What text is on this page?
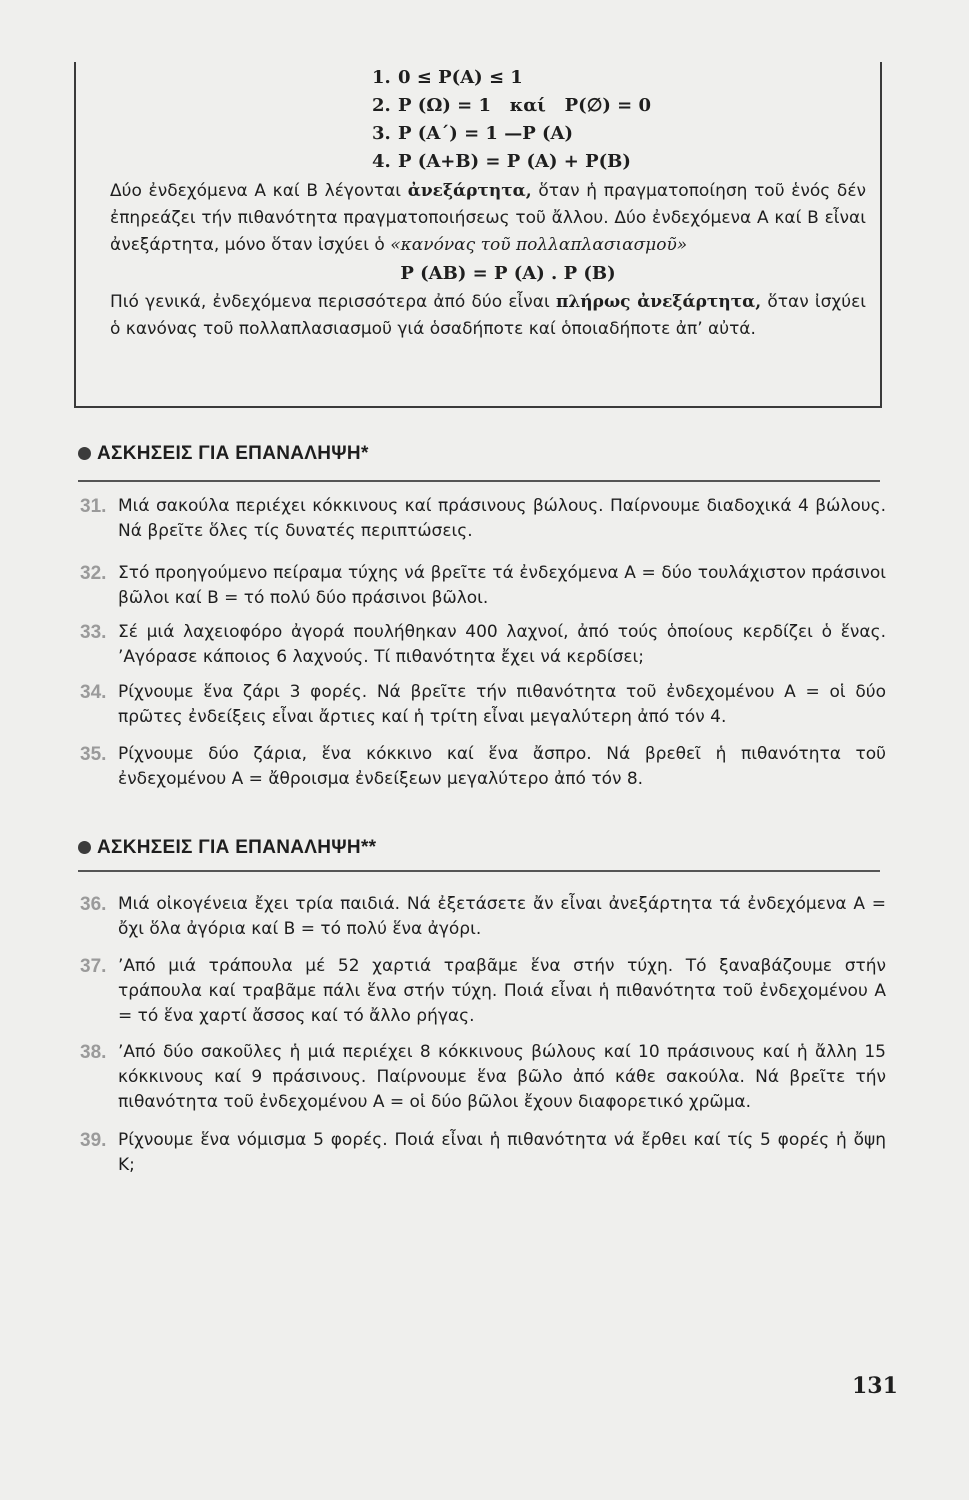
1. 0 ≤ P(A) ≤ 1
2. P (Ω) = 1   καί   P(∅) = 0
3. P (A΄) = 1 —P (A)
4. P (A+B) = P (A) + P(B)

Δύο ἐνδεχόμενα A καί B λέγονται ἀνεξάρτητα, ὅταν ἡ πραγματοποίηση τοῦ ἑνός δέν ἐπηρεάζει τήν πιθανότητα πραγματοποιήσεως τοῦ ἄλλου. Δύο ἐνδεχόμενα A καί B εἶναι ἀνεξάρτητα, μόνο ὅταν ἰσχύει ὁ «κανόνας τοῦ πολλαπλασιασμοῦ»

P (AB) = P (A) . P (B)

Πιό γενικά, ἐνδεχόμενα περισσότερα ἀπό δύο εἶναι πλήρως ἀνεξάρτητα, ὅταν ἰσχύει ὁ κανόνας τοῦ πολλαπλασιασμοῦ γιά ὁσαδήποτε καί ὁποιαδήποτε ἀπ’ αὐτά.

ΑΣΚΗΣΕΙΣ ΓΙΑ ΕΠΑΝΑΛΗΨΗ*
31. Μιά σακούλα περιέχει κόκκινους καί πράσινους βώλους. Παίρνουμε διαδοχικά 4 βώλους. Νά βρεῖτε ὅλες τίς δυνατές περιπτώσεις.

32. Στό προηγούμενο πείραμα τύχης νά βρεῖτε τά ἐνδεχόμενα A = δύο τουλάχιστον πράσινοι βῶλοι καί B = τό πολύ δύο πράσινοι βῶλοι.

33. Σέ μιά λαχειοφόρο ἀγορά πουλήθηκαν 400 λαχνοί, ἀπό τούς ὁποίους κερδίζει ὁ ἕνας. ’Αγόρασε κάποιος 6 λαχνούς. Τί πιθανότητα ἔχει νά κερδίσει;

34. Ρίχνουμε ἕνα ζάρι 3 φορές. Νά βρεῖτε τήν πιθανότητα τοῦ ἐνδεχομένου A = οἱ δύο πρῶτες ἐνδείξεις εἶναι ἄρτιες καί ἡ τρίτη εἶναι μεγαλύτερη ἀπό τόν 4.

35. Ρίχνουμε δύο ζάρια, ἕνα κόκκινο καί ἕνα ἄσπρο. Νά βρεθεῖ ἡ πιθανότητα τοῦ ἐνδεχομένου A = ἄθροισμα ἐνδείξεων μεγαλύτερο ἀπό τόν 8.

ΑΣΚΗΣΕΙΣ ΓΙΑ ΕΠΑΝΑΛΗΨΗ**
36. Μιά οἰκογένεια ἔχει τρία παιδιά. Νά ἐξετάσετε ἄν εἶναι ἀνεξάρτητα τά ἐνδεχόμενα A = ὄχι ὅλα ἀγόρια καί B = τό πολύ ἕνα ἀγόρι.

37. ’Από μιά τράπουλα μέ 52 χαρτιά τραβᾶμε ἕνα στήν τύχη. Τό ξαναβάζουμε στήν τράπουλα καί τραβᾶμε πάλι ἕνα στήν τύχη. Ποιά εἶναι ἡ πιθανότητα τοῦ ἐνδεχομένου A = τό ἕνα χαρτί ἄσσος καί τό ἄλλο ρήγας.

38. ’Από δύο σακοῦλες ἡ μιά περιέχει 8 κόκκινους βώλους καί 10 πράσινους καί ἡ ἄλλη 15 κόκκινους καί 9 πράσινους. Παίρνουμε ἕνα βῶλο ἀπό κάθε σακούλα. Νά βρεῖτε τήν πιθανότητα τοῦ ἐνδεχομένου A = οἱ δύο βῶλοι ἔχουν διαφορετικό χρῶμα.

39. Ρίχνουμε ἕνα νόμισμα 5 φορές. Ποιά εἶναι ἡ πιθανότητα νά ἔρθει καί τίς 5 φορές ἡ ὄψη K;

131
